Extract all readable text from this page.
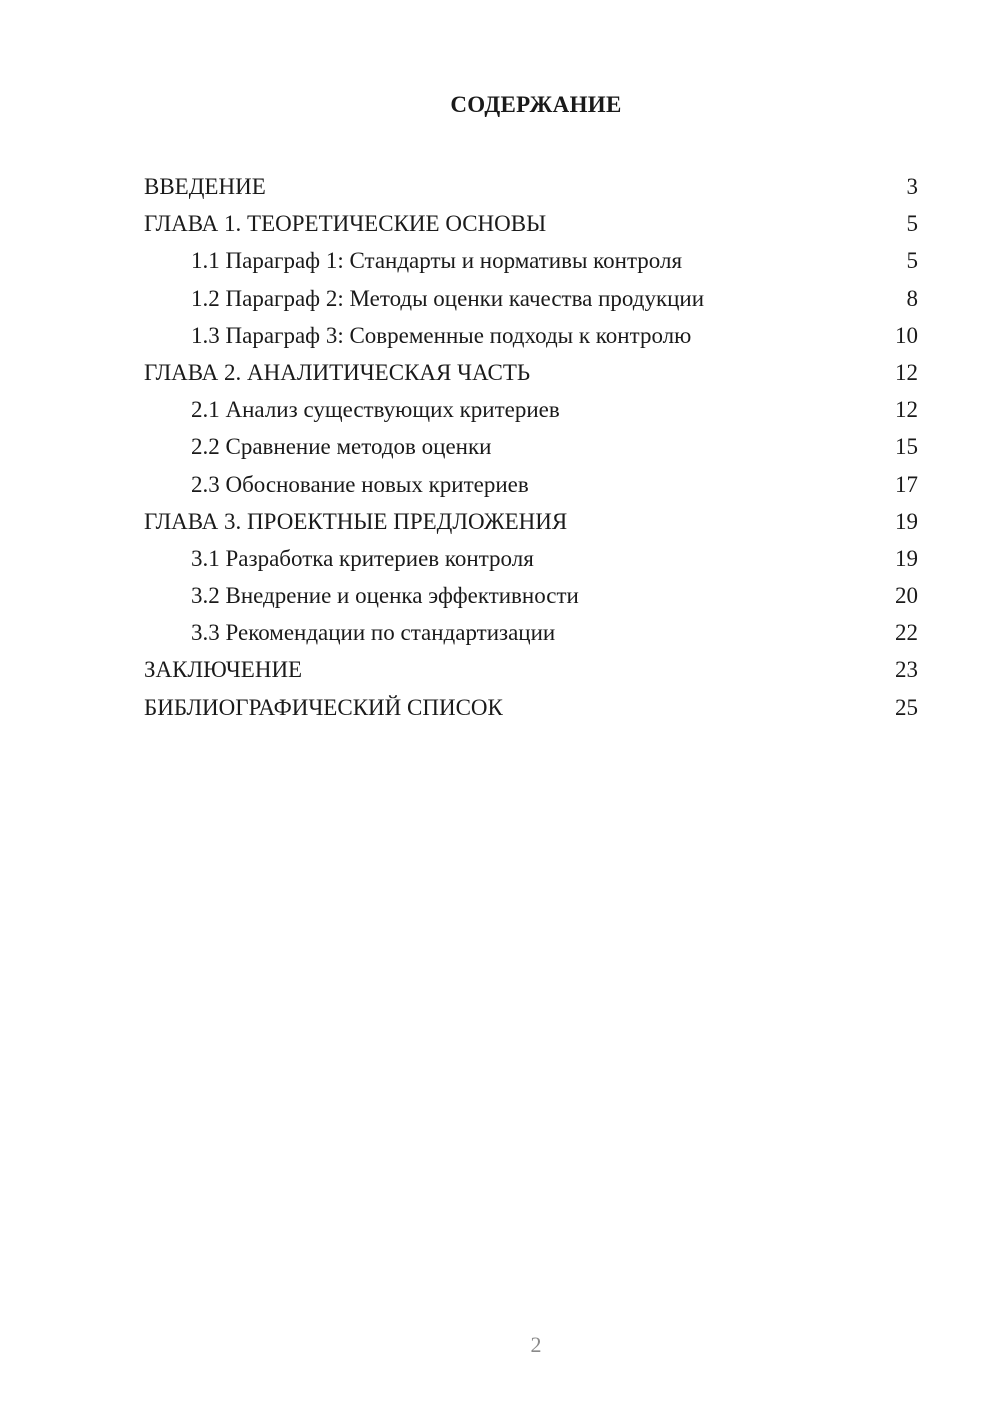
СОДЕРЖАНИЕ
ВВЕДЕНИЕ	3
ГЛАВА 1. ТЕОРЕТИЧЕСКИЕ ОСНОВЫ	5
1.1 Параграф 1: Стандарты и нормативы контроля	5
1.2 Параграф 2: Методы оценки качества продукции	8
1.3 Параграф 3: Современные подходы к контролю	10
ГЛАВА 2. АНАЛИТИЧЕСКАЯ ЧАСТЬ	12
2.1 Анализ существующих критериев	12
2.2 Сравнение методов оценки	15
2.3 Обоснование новых критериев	17
ГЛАВА 3. ПРОЕКТНЫЕ ПРЕДЛОЖЕНИЯ	19
3.1 Разработка критериев контроля	19
3.2 Внедрение и оценка эффективности	20
3.3 Рекомендации по стандартизации	22
ЗАКЛЮЧЕНИЕ	23
БИБЛИОГРАФИЧЕСКИЙ СПИСОК	25
2
